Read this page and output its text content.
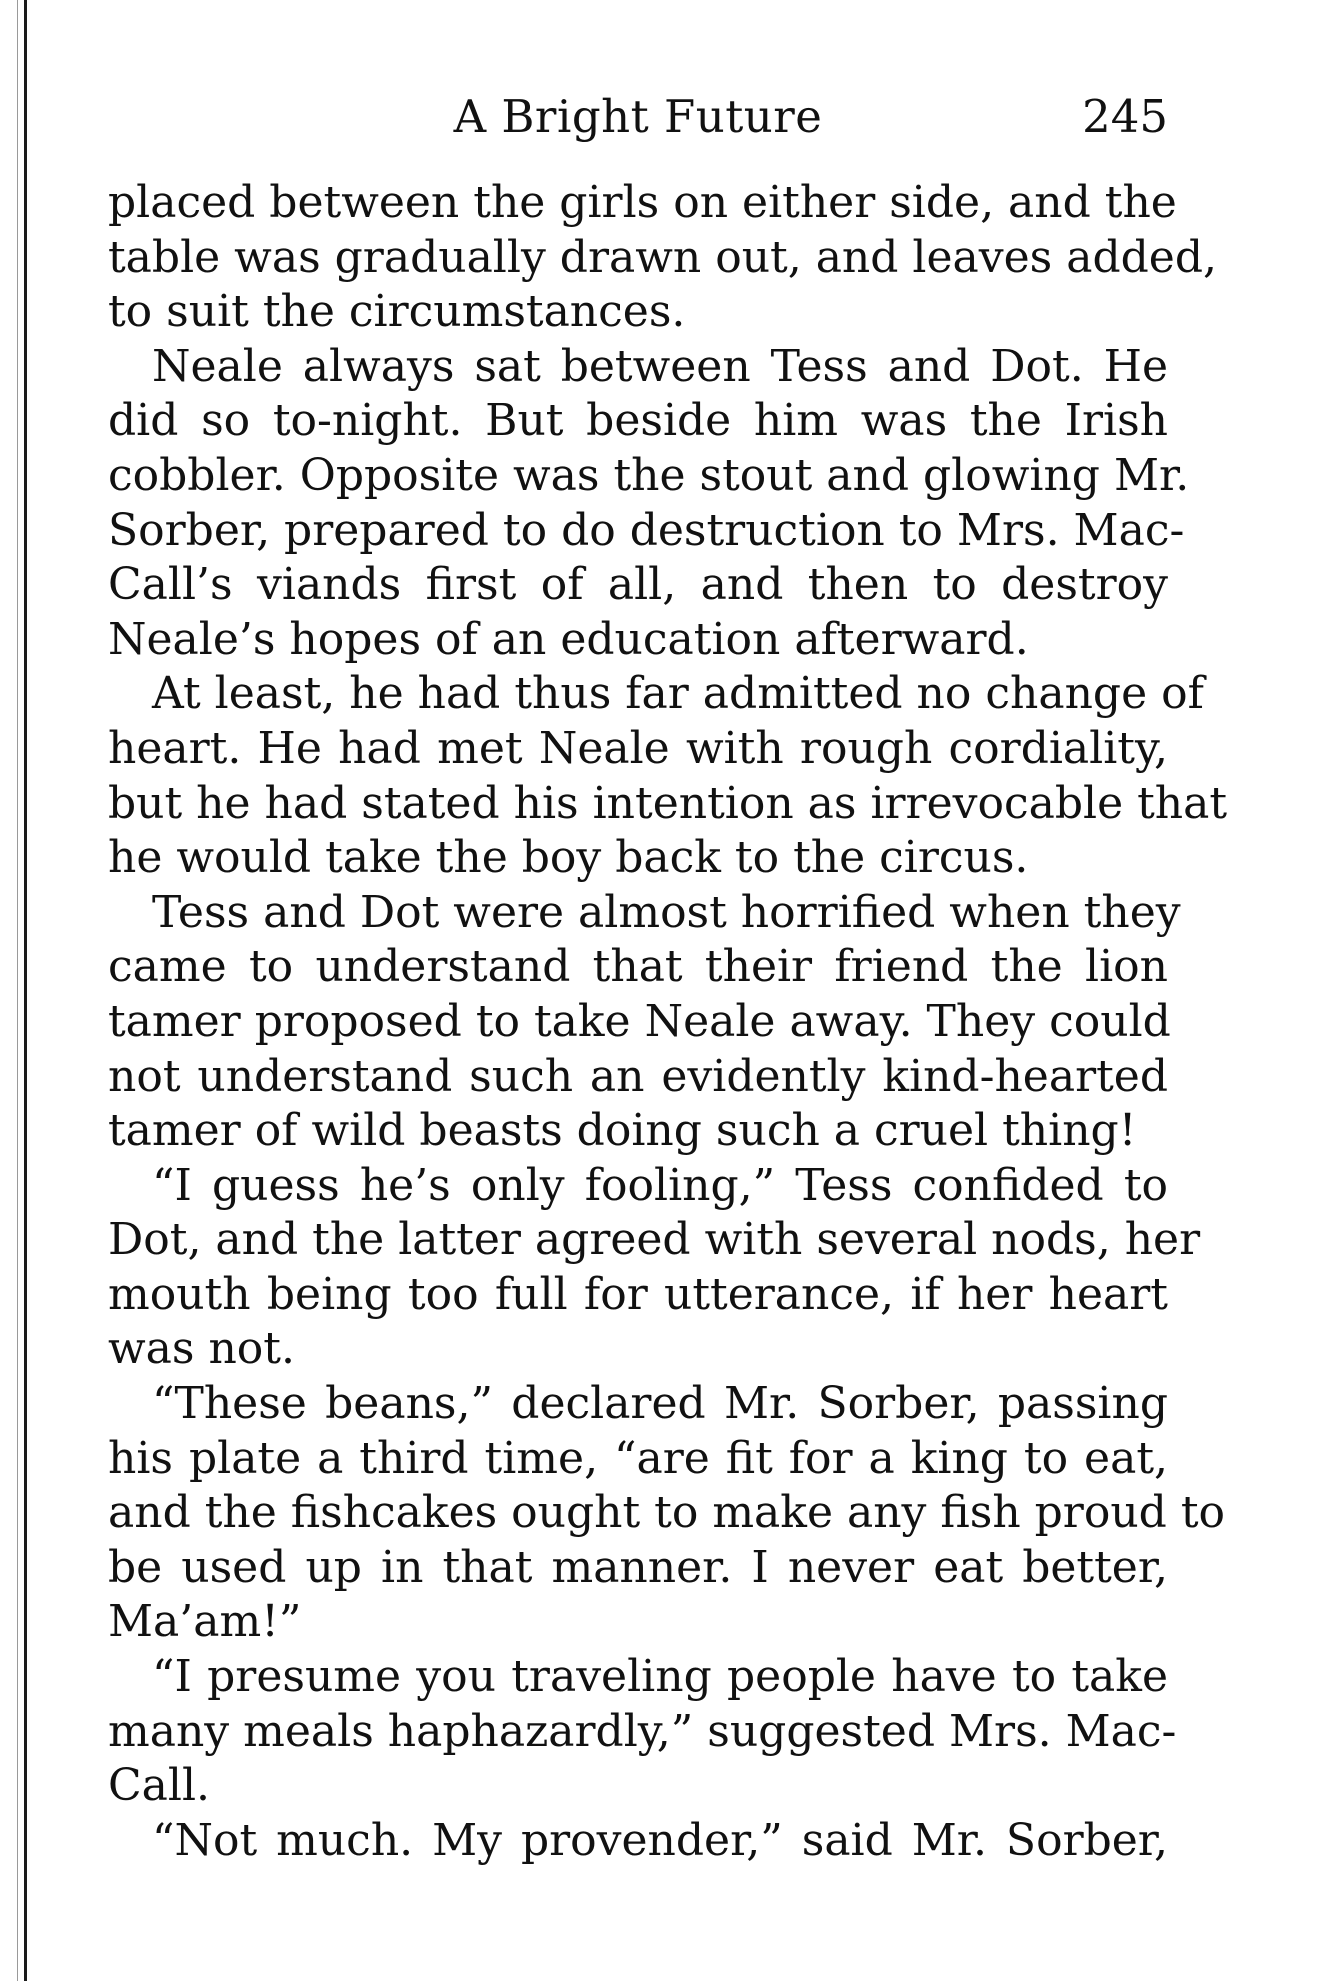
A Bright Future	245
placed between the girls on either side, and the
table was gradually drawn out, and leaves added,
to suit the circumstances.
Neale always sat between Tess and Dot. He
did so to-night. But beside him was the Irish
cobbler. Opposite was the stout and glowing Mr.
Sorber, prepared to do destruction to Mrs. Mac-
Call’s viands first of all, and then to destroy
Neale’s hopes of an education afterward.
At least, he had thus far admitted no change of
heart. He had met Neale with rough cordiality,
but he had stated his intention as irrevocable that
he would take the boy back to the circus.
Tess and Dot were almost horrified when they
came to understand that their friend the lion
tamer proposed to take Neale away. They could
not understand such an evidently kind-hearted
tamer of wild beasts doing such a cruel thing!
“I guess he’s only fooling,” Tess confided to
Dot, and the latter agreed with several nods, her
mouth being too full for utterance, if her heart
was not.
“These beans,” declared Mr. Sorber, passing
his plate a third time, “are fit for a king to eat,
and the fishcakes ought to make any fish proud to
be used up in that manner. I never eat better,
Ma’am!”
“I presume you traveling people have to take
many meals haphazardly,” suggested Mrs. Mac-
Call.
“Not much. My provender,” said Mr. Sorber,
